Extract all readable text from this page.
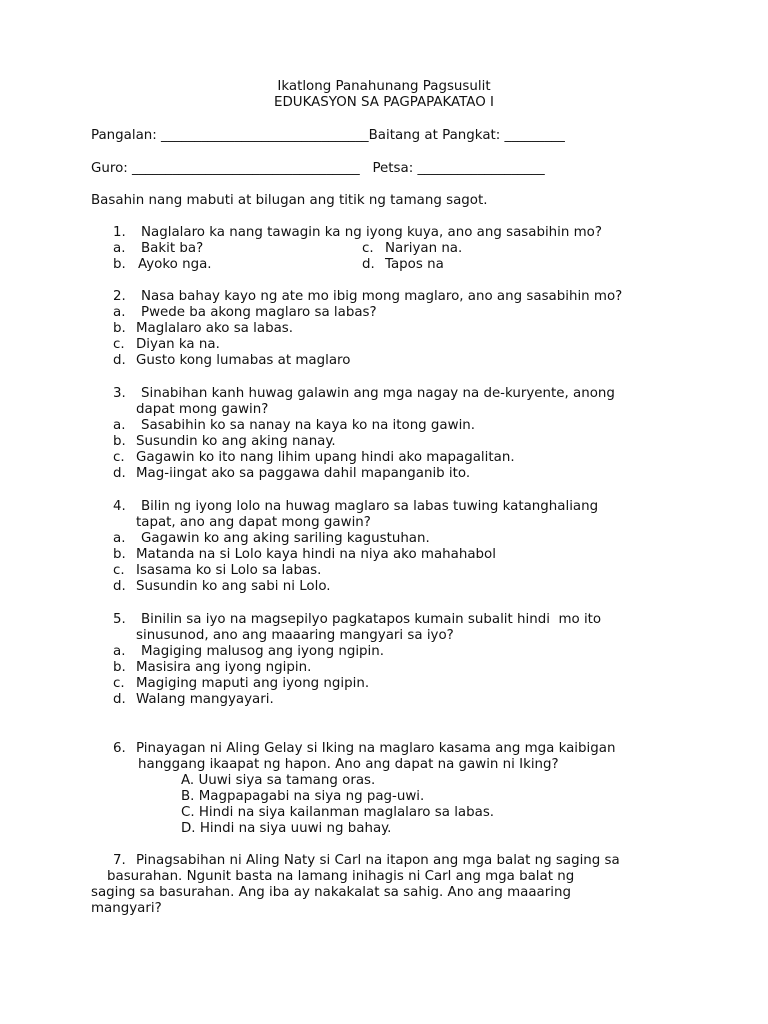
Ikatlong Panahunang Pagsusulit
EDUKASYON SA PAGPAPAKATAO I
Pangalan: _______________________________Baitang at Pangkat: _________
Guro: __________________________________   Petsa: ___________________
Basahin nang mabuti at bilugan ang titik ng tamang sagot.
1.	Naglalaro ka nang tawagin ka ng iyong kuya, ano ang sasabihin mo?
a.	Bakit ba?	c. Nariyan na.
b. Ayoko nga.	d. Tapos na
2.	Nasa bahay kayo ng ate mo ibig mong maglaro, ano ang sasabihin mo?
a.	Pwede ba akong maglaro sa labas?
b. Maglalaro ako sa labas.
c. Diyan ka na.
d. Gusto kong lumabas at maglaro
3.	Sinabihan kanh huwag galawin ang mga nagay na de-kuryente, anong
dapat mong gawin?
a.	Sasabihin ko sa nanay na kaya ko na itong gawin.
b. Susundin ko ang aking nanay.
c. Gagawin ko ito nang lihim upang hindi ako mapagalitan.
d. Mag-iingat ako sa paggawa dahil mapanganib ito.
4.	Bilin ng iyong lolo na huwag maglaro sa labas tuwing katanghaliang
tapat, ano ang dapat mong gawin?
a.	Gagawin ko ang aking sariling kagustuhan.
b. Matanda na si Lolo kaya hindi na niya ako mahahabol
c. Isasama ko si Lolo sa labas.
d. Susundin ko ang sabi ni Lolo.
5.	Binilin sa iyo na magsepilyo pagkatapos kumain subalit hindi  mo ito
sinusunod, ano ang maaaring mangyari sa iyo?
a.	Magiging malusog ang iyong ngipin.
b. Masisira ang iyong ngipin.
c. Magiging maputi ang iyong ngipin.
d. Walang mangyayari.
6. Pinayagan ni Aling Gelay si Iking na maglaro kasama ang mga kaibigan
hanggang ikaapat ng hapon. Ano ang dapat na gawin ni Iking?
A. Uuwi siya sa tamang oras.
B. Magpapagabi na siya ng pag-uwi.
C. Hindi na siya kailanman maglalaro sa labas.
D. Hindi na siya uuwi ng bahay.
7. Pinagsabihan ni Aling Naty si Carl na itapon ang mga balat ng saging sa
basurahan. Ngunit basta na lamang inihagis ni Carl ang mga balat ng
saging sa basurahan. Ang iba ay nakakalat sa sahig. Ano ang maaaring
mangyari?
